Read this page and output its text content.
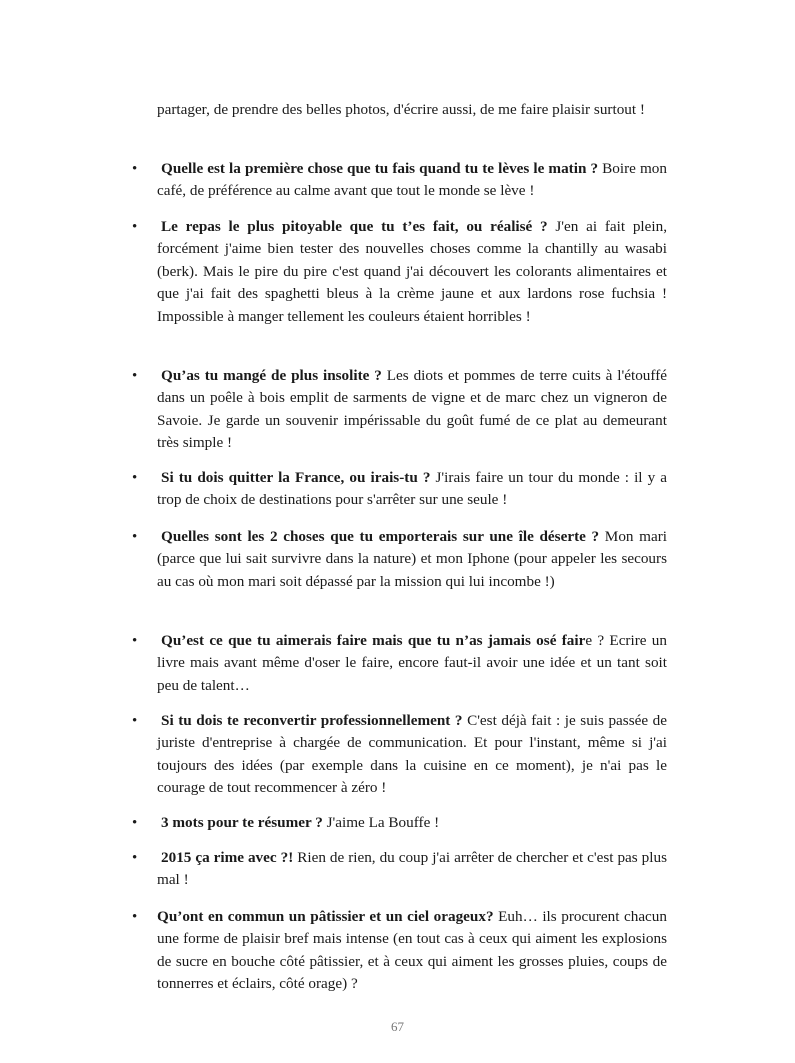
partager, de prendre des belles photos, d'écrire aussi, de me faire plaisir surtout !

• Quelle est la première chose que tu fais quand tu te lèves le matin ? Boire mon café, de préférence au calme avant que tout le monde se lève !
• Le repas le plus pitoyable que tu t’es fait, ou réalisé ? J'en ai fait plein, forcément j'aime bien tester des nouvelles choses comme la chantilly au wasabi (berk). Mais le pire du pire c'est quand j'ai découvert les colorants alimentaires et que j'ai fait des spaghetti bleus à la crème jaune et aux lardons rose fuchsia ! Impossible à manger tellement les couleurs étaient horribles !
• Qu’as tu mangé de plus insolite ? Les diots et pommes de terre cuits à l'étouffé dans un poêle à bois emplit de sarments de vigne et de marc chez un vigneron de Savoie. Je garde un souvenir impérissable du goût fumé de ce plat au demeurant très simple !
• Si tu dois quitter la France, ou irais-tu ? J'irais faire un tour du monde : il y a trop de choix de destinations pour s'arrêter sur une seule !
• Quelles sont les 2 choses que tu emporterais sur une île déserte ? Mon mari (parce que lui sait survivre dans la nature) et mon Iphone (pour appeler les secours au cas où mon mari soit dépassé par la mission qui lui incombe !)
• Qu’est ce que tu aimerais faire mais que tu n’as jamais osé faire ? Ecrire un livre mais avant même d'oser le faire, encore faut-il avoir une idée et un tant soit peu de talent…
• Si tu dois te reconvertir professionnellement ? C'est déjà fait : je suis passée de juriste d'entreprise à chargée de communication. Et pour l'instant, même si j'ai toujours des idées (par exemple dans la cuisine en ce moment), je n'ai pas le courage de tout recommencer à zéro !
• 3 mots pour te résumer ? J'aime La Bouffe !
• 2015 ça rime avec ?! Rien de rien, du coup j'ai arrêter de chercher et c'est pas plus mal !
• Qu’ont en commun un pâtissier et un ciel orageux? Euh… ils procurent chacun une forme de plaisir bref mais intense (en tout cas à ceux qui aiment les explosions de sucre en bouche côté pâtissier, et à ceux qui aiment les grosses pluies, coups de tonnerres et éclairs, côté orage) ?
67
